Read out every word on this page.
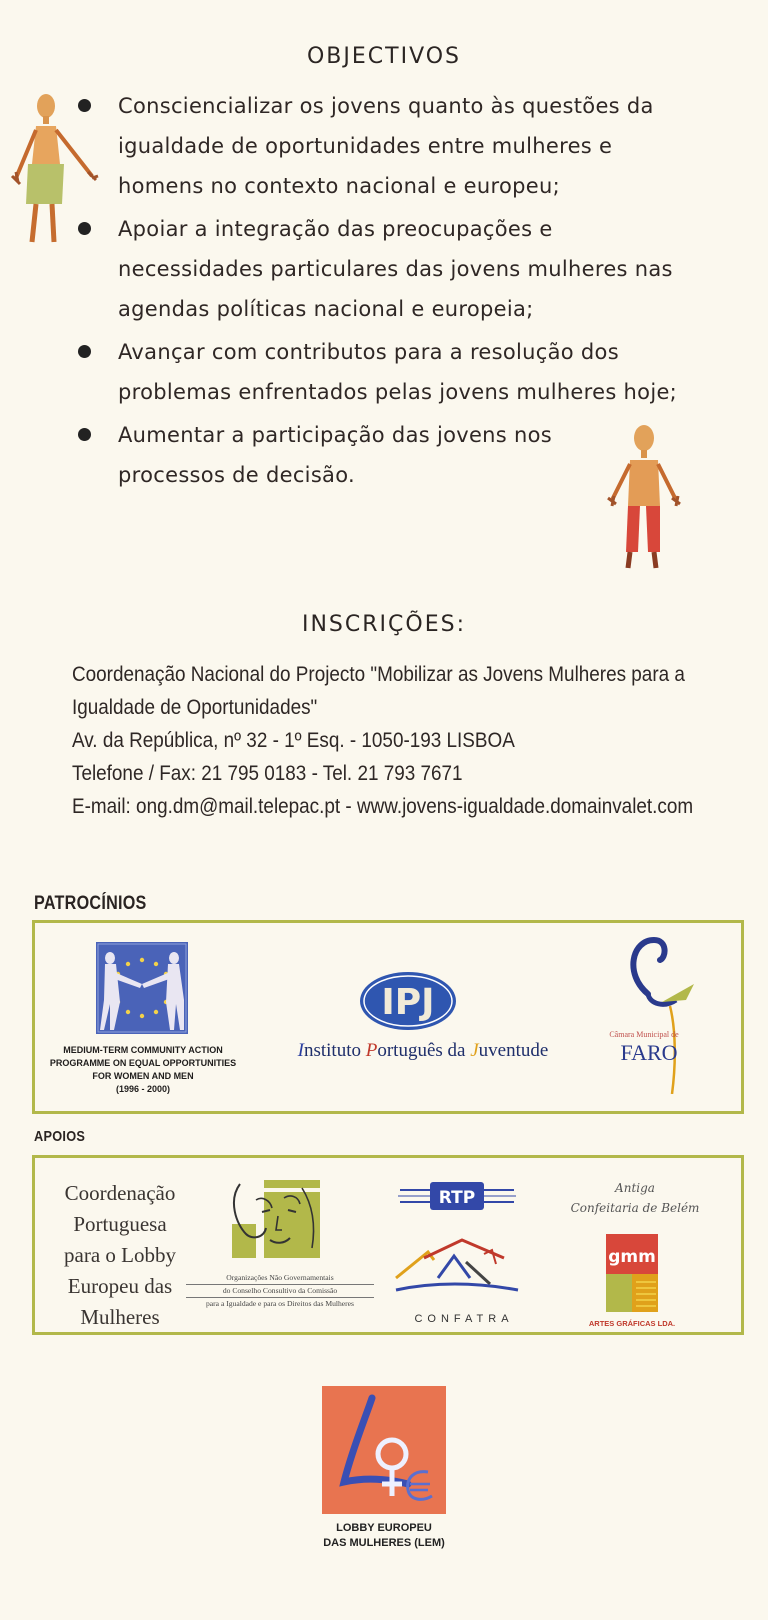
OBJECTIVOS
Consciencializar os jovens quanto às questões da igualdade de oportunidades entre mulheres e homens no contexto nacional e europeu;
Apoiar a integração das preocupações e necessidades particulares das jovens mulheres nas agendas políticas nacional e europeia;
Avançar com contributos para a resolução dos problemas enfrentados pelas jovens mulheres hoje;
Aumentar a participação das jovens nos processos de decisão.
INSCRIÇÕES:
Coordenação Nacional do Projecto "Mobilizar as Jovens Mulheres para a
Igualdade de Oportunidades"
Av. da República, nº 32 - 1º Esq. - 1050-193 LISBOA
Telefone / Fax: 21 795 0183 - Tel. 21 793 7671
E-mail: ong.dm@mail.telepac.pt - www.jovens-igualdade.domainvalet.com
PATROCÍNIOS
MEDIUM-TERM COMMUNITY ACTION
PROGRAMME ON EQUAL OPPORTUNITIES
FOR WOMEN AND MEN
(1996 - 2000)
IPJ
Instituto Português da Juventude
Câmara Municipal de
FARO
APOIOS
Coordenação
Portuguesa
para o Lobby
Europeu das
Mulheres
Organizações Não Governamentais
do Conselho Consultivo da Comissão
para a Igualdade e para os Direitos das Mulheres
RTP
CONFATRA
Antiga
Confeitaria de Belém
gmm
ARTES GRÁFICAS LDA.
LOBBY EUROPEU
DAS MULHERES (LEM)
